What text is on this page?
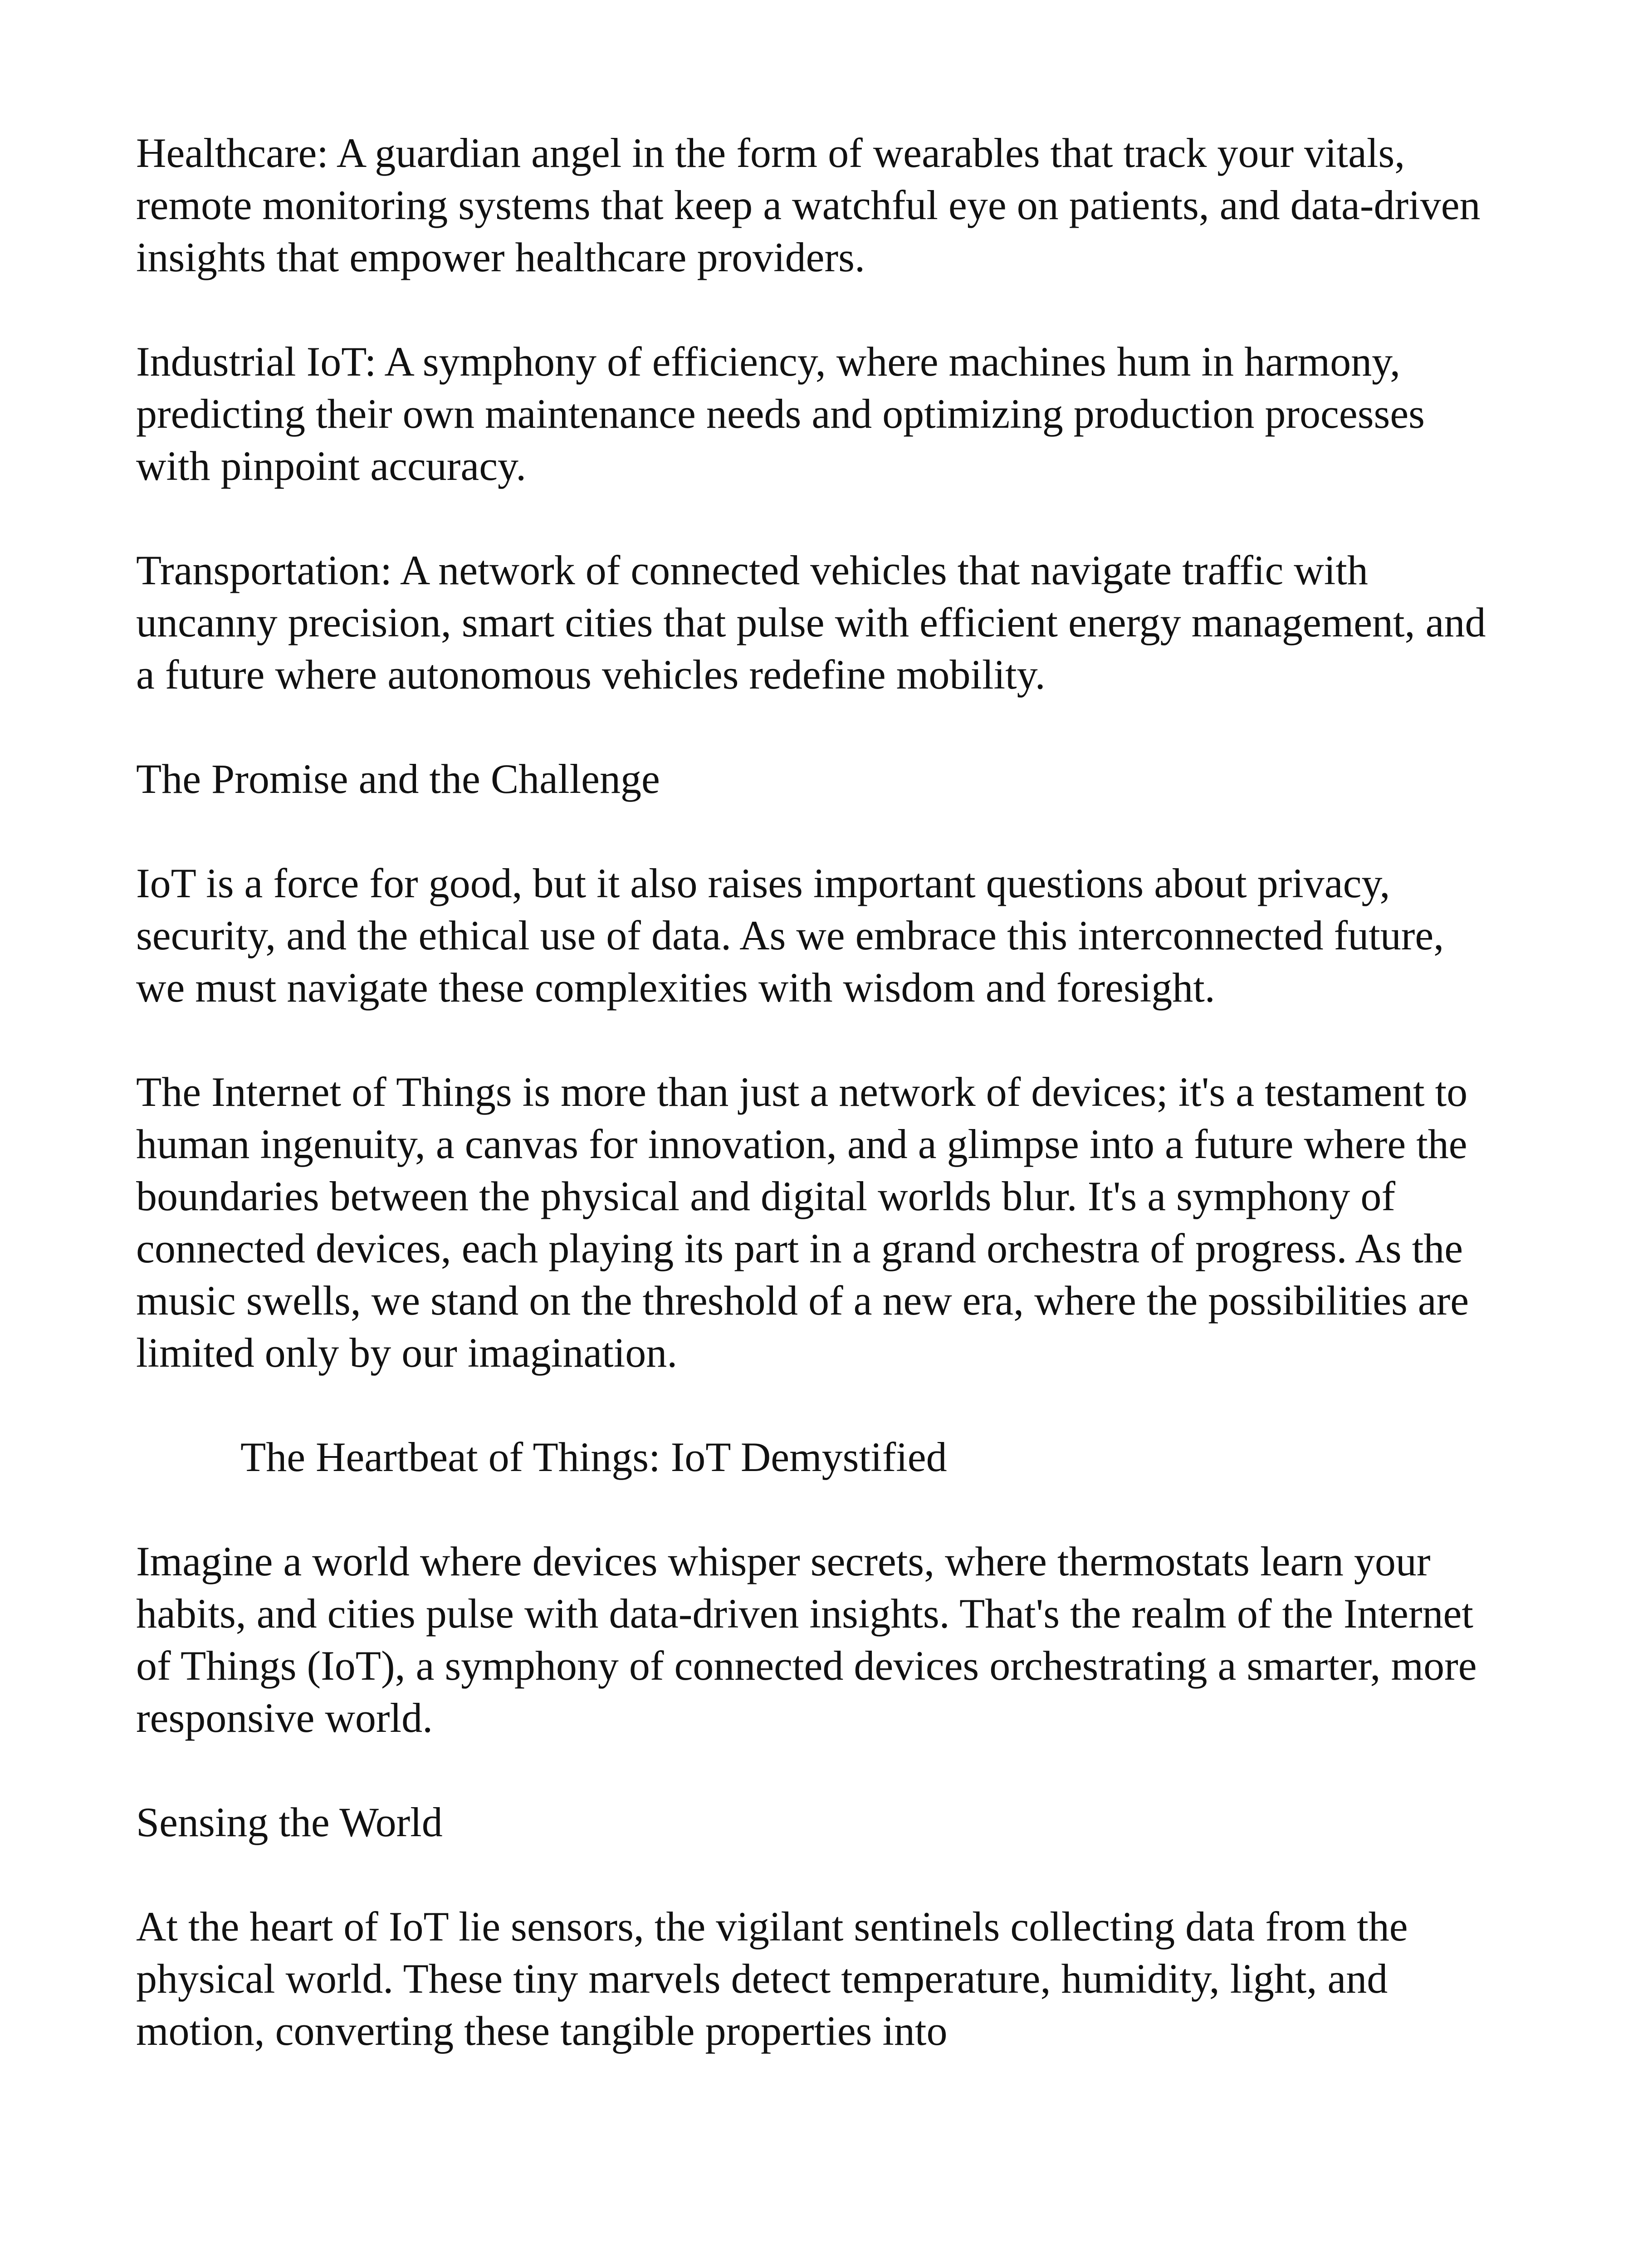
Healthcare: A guardian angel in the form of wearables that track your vitals, remote monitoring systems that keep a watchful eye on patients, and data-driven insights that empower healthcare providers.

Industrial IoT: A symphony of efficiency, where machines hum in harmony, predicting their own maintenance needs and optimizing production processes with pinpoint accuracy.

Transportation: A network of connected vehicles that navigate traffic with uncanny precision, smart cities that pulse with efficient energy management, and a future where autonomous vehicles redefine mobility.

The Promise and the Challenge

IoT is a force for good, but it also raises important questions about privacy, security, and the ethical use of data. As we embrace this interconnected future, we must navigate these complexities with wisdom and foresight.

The Internet of Things is more than just a network of devices; it's a testament to human ingenuity, a canvas for innovation, and a glimpse into a future where the boundaries between the physical and digital worlds blur. It's a symphony of connected devices, each playing its part in a grand orchestra of progress. As the music swells, we stand on the threshold of a new era, where the possibilities are limited only by our imagination.

The Heartbeat of Things: IoT Demystified

Imagine a world where devices whisper secrets, where thermostats learn your habits, and cities pulse with data-driven insights. That's the realm of the Internet of Things (IoT), a symphony of connected devices orchestrating a smarter, more responsive world.

Sensing the World

At the heart of IoT lie sensors, the vigilant sentinels collecting data from the physical world. These tiny marvels detect temperature, humidity, light, and motion, converting these tangible properties into
